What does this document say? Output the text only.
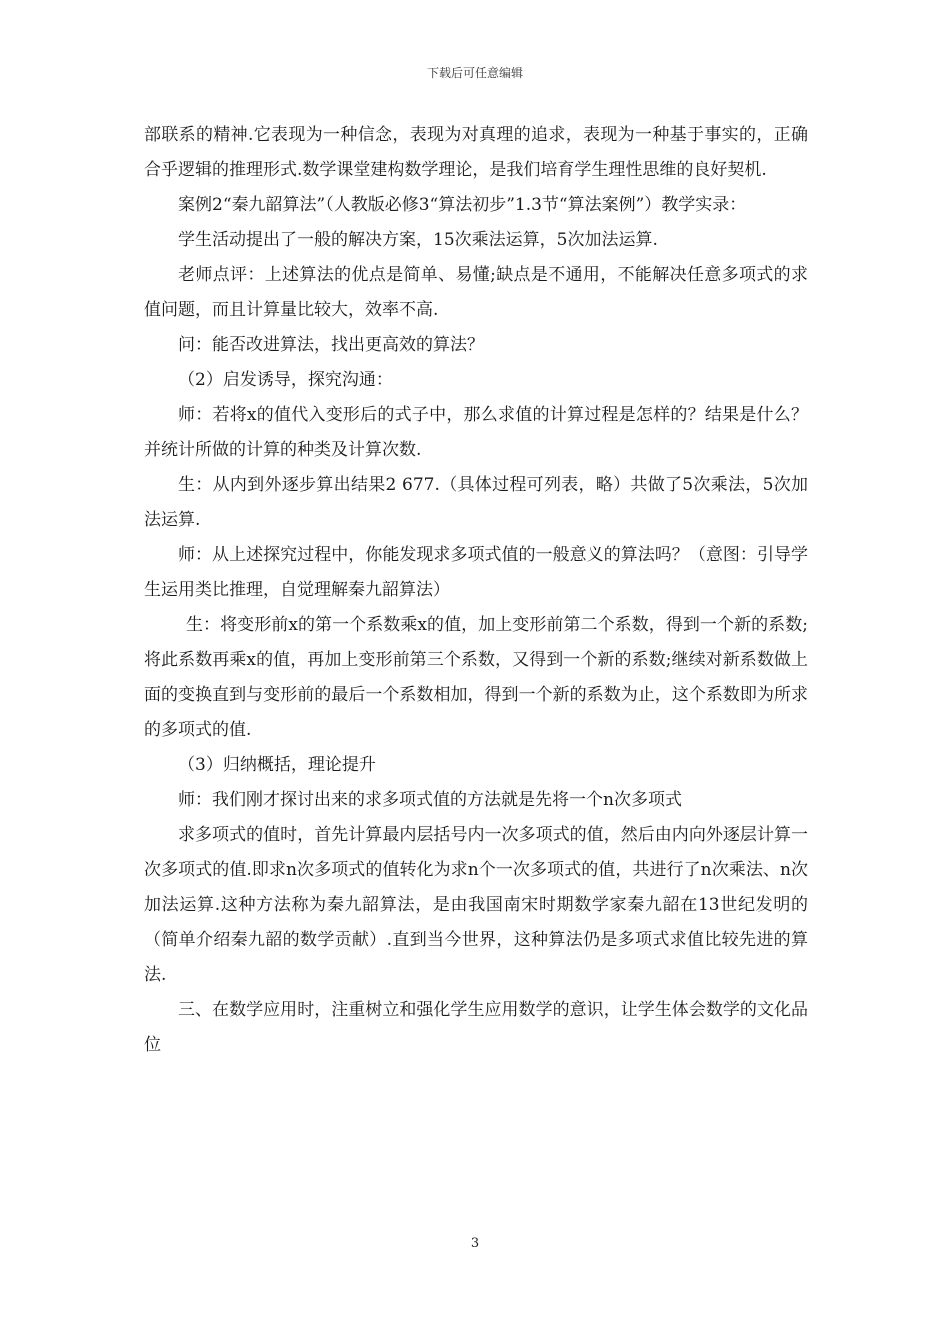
下载后可任意编辑

部联系的精神.它表现为一种信念，表现为对真理的追求，表现为一种基于事实的，正确合乎逻辑的推理形式.数学课堂建构数学理论，是我们培育学生理性思维的良好契机.

案例2“秦九韶算法”（人教版必修3“算法初步”1.3节“算法案例”）教学实录：

学生活动提出了一般的解决方案，15次乘法运算，5次加法运算.

老师点评：上述算法的优点是简单、易懂;缺点是不通用，不能解决任意多项式的求值问题，而且计算量比较大，效率不高.

问：能否改进算法，找出更高效的算法？

（2）启发诱导，探究沟通：

师：若将x的值代入变形后的式子中，那么求值的计算过程是怎样的？结果是什么？并统计所做的计算的种类及计算次数.

生：从内到外逐步算出结果2 677.（具体过程可列表，略）共做了5次乘法，5次加法运算.

师：从上述探究过程中，你能发现求多项式值的一般意义的算法吗？（意图：引导学生运用类比推理，自觉理解秦九韶算法）

生：将变形前x的第一个系数乘x的值，加上变形前第二个系数，得到一个新的系数;将此系数再乘x的值，再加上变形前第三个系数，又得到一个新的系数;继续对新系数做上面的变换直到与变形前的最后一个系数相加，得到一个新的系数为止，这个系数即为所求的多项式的值.

（3）归纳概括，理论提升

师：我们刚才探讨出来的求多项式值的方法就是先将一个n次多项式

求多项式的值时，首先计算最内层括号内一次多项式的值，然后由内向外逐层计算一次多项式的值.即求n次多项式的值转化为求n个一次多项式的值，共进行了n次乘法、n次加法运算.这种方法称为秦九韶算法，是由我国南宋时期数学家秦九韶在13世纪发明的（简单介绍秦九韶的数学贡献）.直到当今世界，这种算法仍是多项式求值比较先进的算法.

三、在数学应用时，注重树立和强化学生应用数学的意识，让学生体会数学的文化品位

3
